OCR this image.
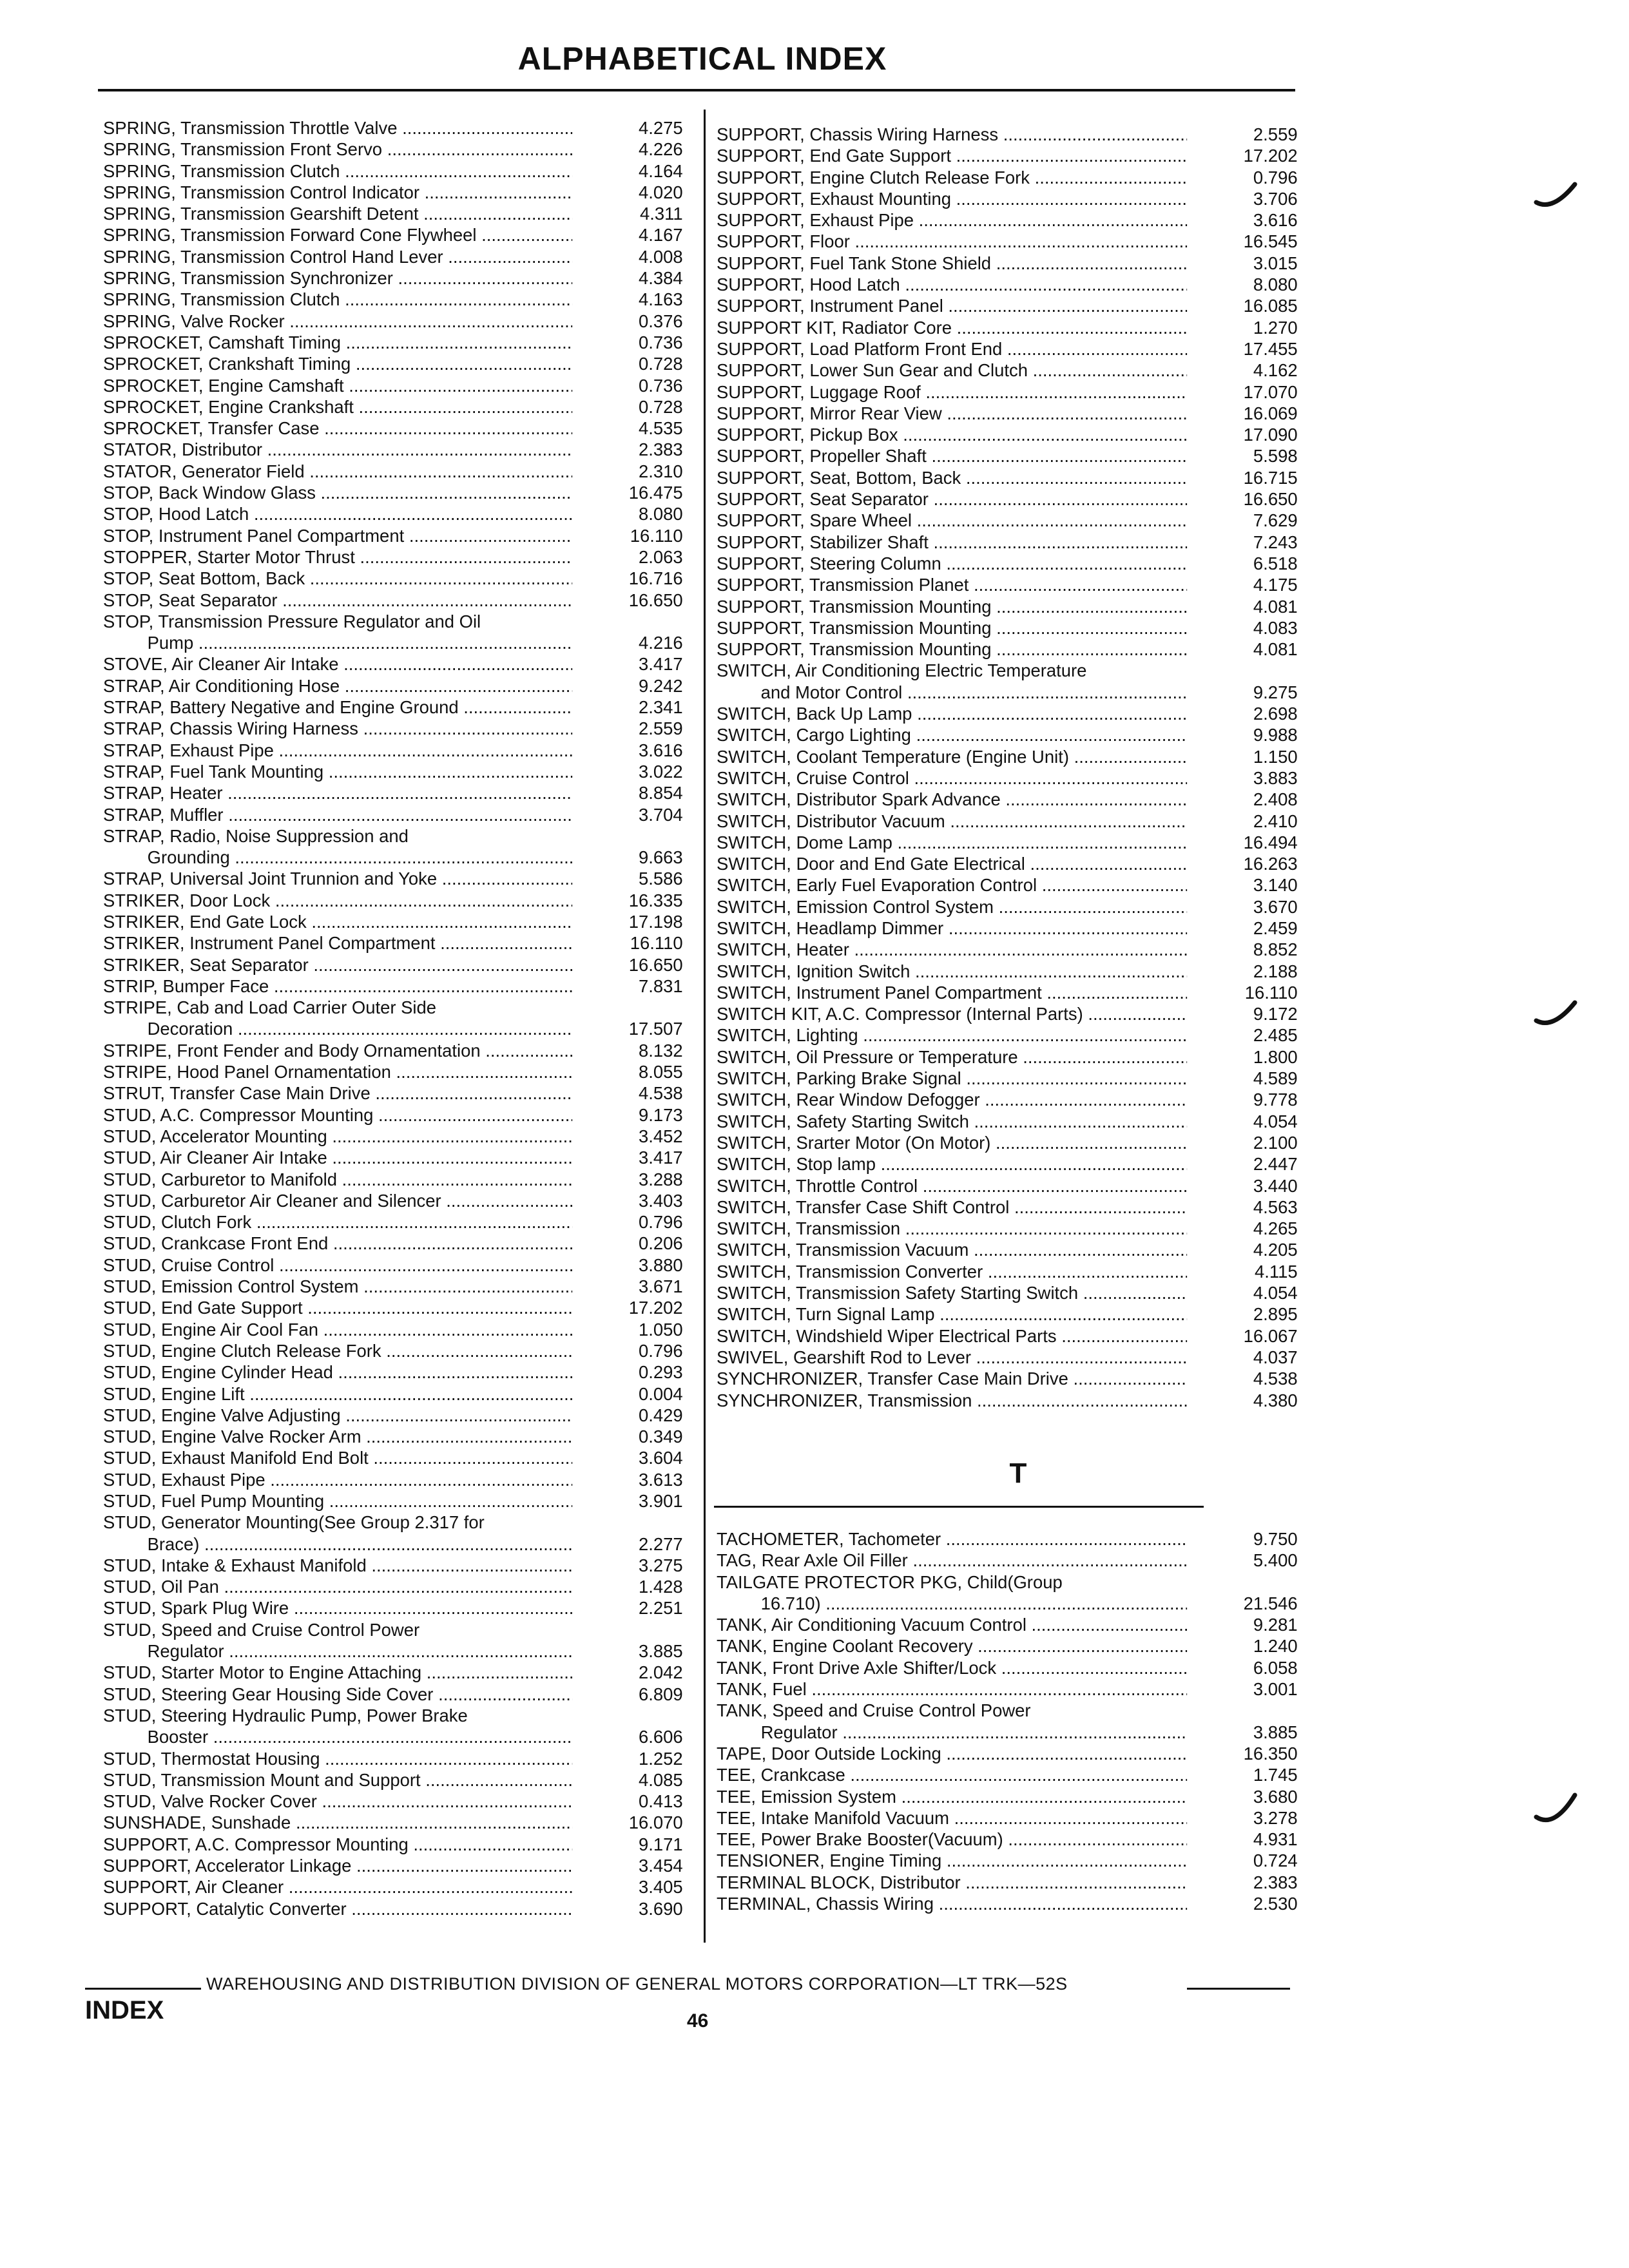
ALPHABETICAL INDEX
SPRING, Transmission Throttle Valve .....	4.275
SPRING, Transmission Front Servo .....	4.226
SPRING, Transmission Clutch .....	4.164
SPRING, Transmission Control Indicator .....	4.020
SPRING, Transmission Gearshift Detent .....	4.311
SPRING, Transmission Forward Cone Flywheel .....	4.167
SPRING, Transmission Control Hand Lever .....	4.008
SPRING, Transmission Synchronizer .....	4.384
SPRING, Transmission Clutch .....	4.163
SPRING, Valve Rocker .....	0.376
SPROCKET, Camshaft Timing .....	0.736
SPROCKET, Crankshaft Timing .....	0.728
SPROCKET, Engine Camshaft .....	0.736
SPROCKET, Engine Crankshaft .....	0.728
SPROCKET, Transfer Case .....	4.535
STATOR, Distributor .....	2.383
STATOR, Generator Field .....	2.310
STOP, Back Window Glass .....	16.475
STOP, Hood Latch .....	8.080
STOP, Instrument Panel Compartment .....	16.110
STOPPER, Starter Motor Thrust .....	2.063
STOP, Seat Bottom, Back .....	16.716
STOP, Seat Separator .....	16.650
STOP, Transmission Pressure Regulator and Oil
Pump .....	4.216
STOVE, Air Cleaner Air Intake .....	3.417
STRAP, Air Conditioning Hose .....	9.242
STRAP, Battery Negative and Engine Ground .....	2.341
STRAP, Chassis Wiring Harness .....	2.559
STRAP, Exhaust Pipe .....	3.616
STRAP, Fuel Tank Mounting .....	3.022
STRAP, Heater .....	8.854
STRAP, Muffler .....	3.704
STRAP, Radio, Noise Suppression and
Grounding .....	9.663
STRAP, Universal Joint Trunnion and Yoke .....	5.586
STRIKER, Door Lock .....	16.335
STRIKER, End Gate Lock .....	17.198
STRIKER, Instrument Panel Compartment .....	16.110
STRIKER, Seat Separator .....	16.650
STRIP, Bumper Face .....	7.831
STRIPE, Cab and Load Carrier Outer Side
Decoration .....	17.507
STRIPE, Front Fender and Body Ornamentation .....	8.132
STRIPE, Hood Panel Ornamentation .....	8.055
STRUT, Transfer Case Main Drive .....	4.538
STUD, A.C. Compressor Mounting .....	9.173
STUD, Accelerator Mounting .....	3.452
STUD, Air Cleaner Air Intake .....	3.417
STUD, Carburetor to Manifold .....	3.288
STUD, Carburetor Air Cleaner and Silencer .....	3.403
STUD, Clutch Fork .....	0.796
STUD, Crankcase Front End .....	0.206
STUD, Cruise Control .....	3.880
STUD, Emission Control System .....	3.671
STUD, End Gate Support .....	17.202
STUD, Engine Air Cool Fan .....	1.050
STUD, Engine Clutch Release Fork .....	0.796
STUD, Engine Cylinder Head .....	0.293
STUD, Engine Lift .....	0.004
STUD, Engine Valve Adjusting .....	0.429
STUD, Engine Valve Rocker Arm .....	0.349
STUD, Exhaust Manifold End Bolt .....	3.604
STUD, Exhaust Pipe .....	3.613
STUD, Fuel Pump Mounting .....	3.901
STUD, Generator Mounting(See Group 2.317 for
Brace) .....	2.277
STUD, Intake & Exhaust Manifold .....	3.275
STUD, Oil Pan .....	1.428
STUD, Spark Plug Wire .....	2.251
STUD, Speed and Cruise Control Power
Regulator .....	3.885
STUD, Starter Motor to Engine Attaching .....	2.042
STUD, Steering Gear Housing Side Cover .....	6.809
STUD, Steering Hydraulic Pump, Power Brake
Booster .....	6.606
STUD, Thermostat Housing .....	1.252
STUD, Transmission Mount and Support .....	4.085
STUD, Valve Rocker Cover .....	0.413
SUNSHADE, Sunshade .....	16.070
SUPPORT, A.C. Compressor Mounting .....	9.171
SUPPORT, Accelerator Linkage .....	3.454
SUPPORT, Air Cleaner .....	3.405
SUPPORT, Catalytic Converter .....	3.690
SUPPORT, Chassis Wiring Harness .....	2.559
SUPPORT, End Gate Support .....	17.202
SUPPORT, Engine Clutch Release Fork .....	0.796
SUPPORT, Exhaust Mounting .....	3.706
SUPPORT, Exhaust Pipe .....	3.616
SUPPORT, Floor .....	16.545
SUPPORT, Fuel Tank Stone Shield .....	3.015
SUPPORT, Hood Latch .....	8.080
SUPPORT, Instrument Panel .....	16.085
SUPPORT KIT, Radiator Core .....	1.270
SUPPORT, Load Platform Front End .....	17.455
SUPPORT, Lower Sun Gear and Clutch .....	4.162
SUPPORT, Luggage Roof .....	17.070
SUPPORT, Mirror Rear View .....	16.069
SUPPORT, Pickup Box .....	17.090
SUPPORT, Propeller Shaft .....	5.598
SUPPORT, Seat, Bottom, Back .....	16.715
SUPPORT, Seat Separator .....	16.650
SUPPORT, Spare Wheel .....	7.629
SUPPORT, Stabilizer Shaft .....	7.243
SUPPORT, Steering Column .....	6.518
SUPPORT, Transmission Planet .....	4.175
SUPPORT, Transmission Mounting .....	4.081
SUPPORT, Transmission Mounting .....	4.083
SUPPORT, Transmission Mounting .....	4.081
SWITCH, Air Conditioning Electric Temperature
and Motor Control .....	9.275
SWITCH, Back Up Lamp .....	2.698
SWITCH, Cargo Lighting .....	9.988
SWITCH, Coolant Temperature (Engine Unit) .....	1.150
SWITCH, Cruise Control .....	3.883
SWITCH, Distributor Spark Advance .....	2.408
SWITCH, Distributor Vacuum .....	2.410
SWITCH, Dome Lamp .....	16.494
SWITCH, Door and End Gate Electrical .....	16.263
SWITCH, Early Fuel Evaporation Control .....	3.140
SWITCH, Emission Control System .....	3.670
SWITCH, Headlamp Dimmer .....	2.459
SWITCH, Heater .....	8.852
SWITCH, Ignition Switch .....	2.188
SWITCH, Instrument Panel Compartment .....	16.110
SWITCH KIT, A.C. Compressor (Internal Parts) .....	9.172
SWITCH, Lighting .....	2.485
SWITCH, Oil Pressure or Temperature .....	1.800
SWITCH, Parking Brake Signal .....	4.589
SWITCH, Rear Window Defogger .....	9.778
SWITCH, Safety Starting Switch .....	4.054
SWITCH, Srarter Motor (On Motor) .....	2.100
SWITCH, Stop lamp .....	2.447
SWITCH, Throttle Control .....	3.440
SWITCH, Transfer Case Shift Control .....	4.563
SWITCH, Transmission .....	4.265
SWITCH, Transmission Vacuum .....	4.205
SWITCH, Transmission Converter .....	4.115
SWITCH, Transmission Safety Starting Switch .....	4.054
SWITCH, Turn Signal Lamp .....	2.895
SWITCH, Windshield Wiper Electrical Parts .....	16.067
SWIVEL, Gearshift Rod to Lever .....	4.037
SYNCHRONIZER, Transfer Case Main Drive .....	4.538
SYNCHRONIZER, Transmission .....	4.380
T
TACHOMETER, Tachometer .....	9.750
TAG, Rear Axle Oil Filler .....	5.400
TAILGATE PROTECTOR PKG, Child(Group
16.710) .....	21.546
TANK, Air Conditioning Vacuum Control .....	9.281
TANK, Engine Coolant Recovery .....	1.240
TANK, Front Drive Axle Shifter/Lock .....	6.058
TANK, Fuel .....	3.001
TANK, Speed and Cruise Control Power
Regulator .....	3.885
TAPE, Door Outside Locking .....	16.350
TEE, Crankcase .....	1.745
TEE, Emission System .....	3.680
TEE, Intake Manifold Vacuum .....	3.278
TEE, Power Brake Booster(Vacuum) .....	4.931
TENSIONER, Engine Timing .....	0.724
TERMINAL BLOCK, Distributor .....	2.383
TERMINAL, Chassis Wiring .....	2.530
WAREHOUSING AND DISTRIBUTION DIVISION OF GENERAL MOTORS CORPORATION—LT TRK—52S
INDEX	46
